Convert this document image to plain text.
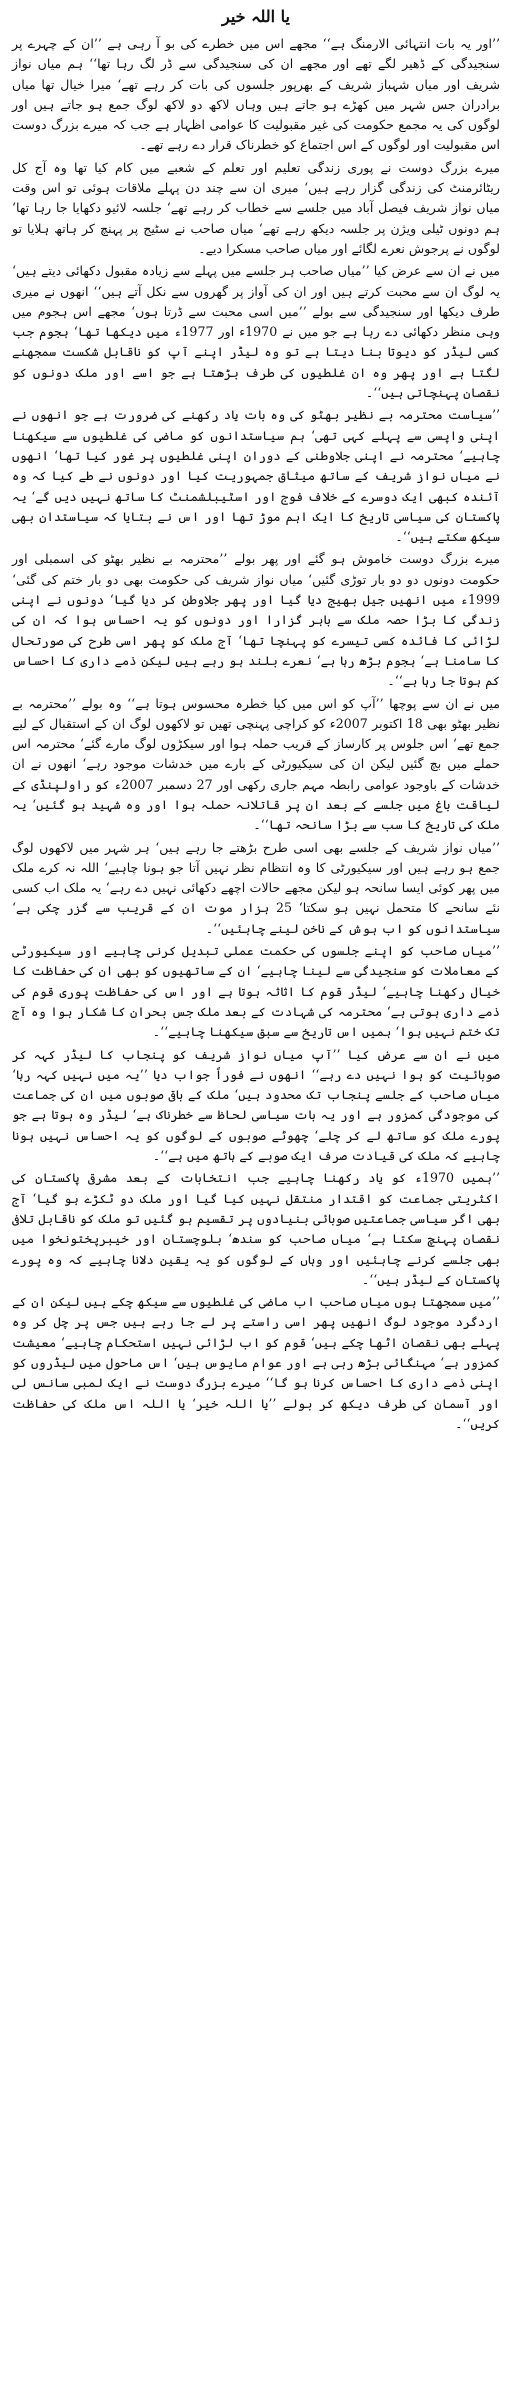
یا اللہ خیر

’’اور یہ بات انتہائی الارمنگ ہے‘‘ مجھے اس میں خطرے کی بو آ رہی ہے ’’ان کے چہرے پر سنجیدگی کے ڈھیر لگے تھے اور مجھے ان کی سنجیدگی سے ڈر لگ رہا تھا‘‘ ہم میاں نواز شریف اور میاں شہباز شریف کے بھرپور جلسوں کی بات کر رہے تھے‘ میرا خیال تھا میاں برادران جس شہر میں کھڑے ہو جاتے ہیں وہاں لاکھ دو لاکھ لوگ جمع ہو جاتے ہیں اور لوگوں کی یہ مجمع حکومت کی غیر مقبولیت کا عوامی اظہار ہے جب کہ میرے بزرگ دوست اس مقبولیت اور لوگوں کے اس اجتماع کو خطرناک قرار دے رہے تھے۔

میرے بزرگ دوست نے پوری زندگی تعلیم اور تعلم کے شعبے میں کام کیا تھا وہ آج کل ریٹائرمنٹ کی زندگی گزار رہے ہیں‘ میری ان سے چند دن پہلے ملاقات ہوئی تو اس وقت میاں نواز شریف فیصل آباد میں جلسے سے خطاب کر رہے تھے‘ جلسہ لائیو دکھایا جا رہا تھا‘ ہم دونوں ٹیلی ویژن پر جلسہ دیکھ رہے تھے‘ میاں صاحب نے سٹیج پر پہنچ کر ہاتھ ہلایا تو لوگوں نے پرجوش نعرے لگائے اور میاں صاحب مسکرا دیے۔

میں نے ان سے عرض کیا ’’میاں صاحب ہر جلسے میں پہلے سے زیادہ مقبول دکھائی دیتے ہیں‘ یہ لوگ ان سے محبت کرتے ہیں اور ان کی آواز پر گھروں سے نکل آتے ہیں‘‘ انھوں نے میری طرف دیکھا اور سنجیدگی سے بولے ’’میں اسی محبت سے ڈرتا ہوں‘ مجھے اس ہجوم میں وہی منظر دکھائی دے رہا ہے جو میں نے 1970ء اور 1977ء میں دیکھا تھا‘ ہجوم جب کسی لیڈر کو دیوتا بنا دیتا ہے تو وہ لیڈر اپنے آپ کو ناقابل شکست سمجھنے لگتا ہے اور پھر وہ ان غلطیوں کی طرف بڑھتا ہے جو اسے اور ملک دونوں کو نقصان پہنچاتی ہیں‘‘۔

’’سیاست محترمہ بے نظیر بھٹو کی وہ بات یاد رکھنے کی ضرورت ہے جو انھوں نے اپنی واپسی سے پہلے کہی تھی‘ ہم سیاستدانوں کو ماضی کی غلطیوں سے سیکھنا چاہیے‘ محترمہ نے اپنی جلاوطنی کے دوران اپنی غلطیوں پر غور کیا تھا‘ انھوں نے میاں نواز شریف کے ساتھ میثاق جمہوریت کیا اور دونوں نے طے کیا کہ وہ آئندہ کبھی ایک دوسرے کے خلاف فوج اور اسٹیبلشمنٹ کا ساتھ نہیں دیں گے‘ یہ پاکستان کی سیاسی تاریخ کا ایک اہم موڑ تھا اور اس نے بتایا کہ سیاستدان بھی سیکھ سکتے ہیں‘‘۔

میرے بزرگ دوست خاموش ہو گئے اور پھر بولے ’’محترمہ بے نظیر بھٹو کی اسمبلی اور حکومت دونوں دو دو بار توڑی گئیں‘ میاں نواز شریف کی حکومت بھی دو بار ختم کی گئی‘ 1999ء میں انھیں جیل بھیج دیا گیا اور پھر جلاوطن کر دیا گیا‘ دونوں نے اپنی زندگی کا بڑا حصہ ملک سے باہر گزارا اور دونوں کو یہ احساس ہوا کہ ان کی لڑائی کا فائدہ کسی تیسرے کو پہنچا تھا‘ آج ملک کو پھر اسی طرح کی صورتحال کا سامنا ہے‘ ہجوم بڑھ رہا ہے‘ نعرے بلند ہو رہے ہیں لیکن ذمے داری کا احساس کم ہوتا جا رہا ہے‘‘۔

میں نے ان سے پوچھا ’’آپ کو اس میں کیا خطرہ محسوس ہوتا ہے‘‘ وہ بولے ’’محترمہ بے نظیر بھٹو بھی 18 اکتوبر 2007ء کو کراچی پہنچی تھیں تو لاکھوں لوگ ان کے استقبال کے لیے جمع تھے‘ اس جلوس پر کارساز کے قریب حملہ ہوا اور سیکڑوں لوگ مارے گئے‘ محترمہ اس حملے میں بچ گئیں لیکن ان کی سیکیورٹی کے بارے میں خدشات موجود رہے‘ انھوں نے ان خدشات کے باوجود عوامی رابطہ مہم جاری رکھی اور 27 دسمبر 2007ء کو راولپنڈی کے لیاقت باغ میں جلسے کے بعد ان پر قاتلانہ حملہ ہوا اور وہ شہید ہو گئیں‘ یہ ملک کی تاریخ کا سب سے بڑا سانحہ تھا‘‘۔

’’میاں نواز شریف کے جلسے بھی اسی طرح بڑھتے جا رہے ہیں‘ ہر شہر میں لاکھوں لوگ جمع ہو رہے ہیں اور سیکیورٹی کا وہ انتظام نظر نہیں آتا جو ہونا چاہیے‘ اللہ نہ کرے ملک میں پھر کوئی ایسا سانحہ ہو لیکن مجھے حالات اچھے دکھائی نہیں دے رہے‘ یہ ملک اب کسی نئے سانحے کا متحمل نہیں ہو سکتا‘ 25 ہزار موت ان کے قریب سے گزر چکی ہے‘ سیاستدانوں کو اب ہوش کے ناخن لینے چاہئیں‘‘۔

’’میاں صاحب کو اپنے جلسوں کی حکمت عملی تبدیل کرنی چاہیے اور سیکیورٹی کے معاملات کو سنجیدگی سے لینا چاہیے‘ ان کے ساتھیوں کو بھی ان کی حفاظت کا خیال رکھنا چاہیے‘ لیڈر قوم کا اثاثہ ہوتا ہے اور اس کی حفاظت پوری قوم کی ذمے داری ہوتی ہے‘ محترمہ کی شہادت کے بعد ملک جس بحران کا شکار ہوا وہ آج تک ختم نہیں ہوا‘ ہمیں اس تاریخ سے سبق سیکھنا چاہیے‘‘۔

میں نے ان سے عرض کیا ’’آپ میاں نواز شریف کو پنجاب کا لیڈر کہہ کر صوبائیت کو ہوا نہیں دے رہے‘‘ انھوں نے فوراً جواب دیا ’’یہ میں نہیں کہہ رہا‘ میاں صاحب کے جلسے پنجاب تک محدود ہیں‘ ملک کے باقی صوبوں میں ان کی جماعت کی موجودگی کمزور ہے اور یہ بات سیاسی لحاظ سے خطرناک ہے‘ لیڈر وہ ہوتا ہے جو پورے ملک کو ساتھ لے کر چلے‘ چھوٹے صوبوں کے لوگوں کو یہ احساس نہیں ہونا چاہیے کہ ملک کی قیادت صرف ایک صوبے کے ہاتھ میں ہے‘‘۔

’’ہمیں 1970ء کو یاد رکھنا چاہیے جب انتخابات کے بعد مشرقی پاکستان کی اکثریتی جماعت کو اقتدار منتقل نہیں کیا گیا اور ملک دو ٹکڑے ہو گیا‘ آج بھی اگر سیاسی جماعتیں صوبائی بنیادوں پر تقسیم ہو گئیں تو ملک کو ناقابل تلافی نقصان پہنچ سکتا ہے‘ میاں صاحب کو سندھ‘ بلوچستان اور خیبرپختونخوا میں بھی جلسے کرنے چاہئیں اور وہاں کے لوگوں کو یہ یقین دلانا چاہیے کہ وہ پورے پاکستان کے لیڈر ہیں‘‘۔

’’میں سمجھتا ہوں میاں صاحب اب ماضی کی غلطیوں سے سیکھ چکے ہیں لیکن ان کے اردگرد موجود لوگ انھیں پھر اسی راستے پر لے جا رہے ہیں جس پر چل کر وہ پہلے بھی نقصان اٹھا چکے ہیں‘ قوم کو اب لڑائی نہیں استحکام چاہیے‘ معیشت کمزور ہے‘ مہنگائی بڑھ رہی ہے اور عوام مایوس ہیں‘ اس ماحول میں لیڈروں کو اپنی ذمے داری کا احساس کرنا ہو گا‘‘ میرے بزرگ دوست نے ایک لمبی سانس لی اور آسمان کی طرف دیکھ کر بولے ’’یا اللہ خیر‘ یا اللہ اس ملک کی حفاظت کریں‘‘۔
